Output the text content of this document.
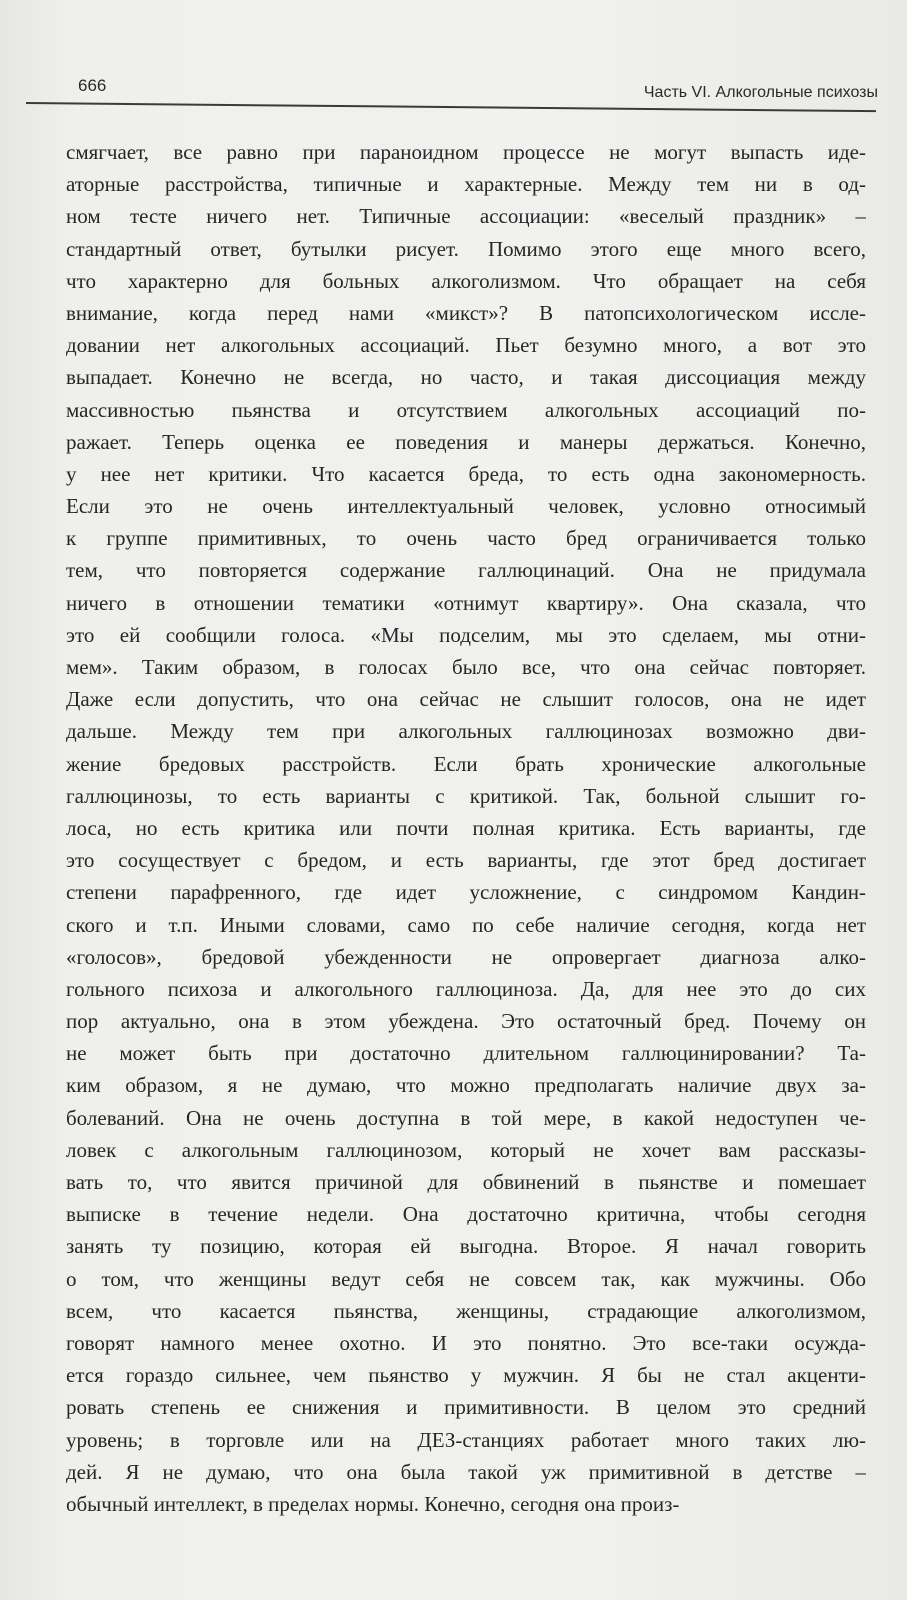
666	Часть VI. Алкогольные психозы
смягчает, все равно при параноидном процессе не могут выпасть иде-
аторные расстройства, типичные и характерные. Между тем ни в од-
ном тесте ничего нет. Типичные ассоциации: «веселый праздник» –
стандартный ответ, бутылки рисует. Помимо этого еще много всего,
что характерно для больных алкоголизмом. Что обращает на себя
внимание, когда перед нами «микст»? В патопсихологическом иссле-
довании нет алкогольных ассоциаций. Пьет безумно много, а вот это
выпадает. Конечно не всегда, но часто, и такая диссоциация между
массивностью пьянства и отсутствием алкогольных ассоциаций по-
ражает. Теперь оценка ее поведения и манеры держаться. Конечно,
у нее нет критики. Что касается бреда, то есть одна закономерность.
Если это не очень интеллектуальный человек, условно относимый
к группе примитивных, то очень часто бред ограничивается только
тем, что повторяется содержание галлюцинаций. Она не придумала
ничего в отношении тематики «отнимут квартиру». Она сказала, что
это ей сообщили голоса. «Мы подселим, мы это сделаем, мы отни-
мем». Таким образом, в голосах было все, что она сейчас повторяет.
Даже если допустить, что она сейчас не слышит голосов, она не идет
дальше. Между тем при алкогольных галлюцинозах возможно дви-
жение бредовых расстройств. Если брать хронические алкогольные
галлюцинозы, то есть варианты с критикой. Так, больной слышит го-
лоса, но есть критика или почти полная критика. Есть варианты, где
это сосуществует с бредом, и есть варианты, где этот бред достигает
степени парафренного, где идет усложнение, с синдромом Кандин-
ского и т.п. Иными словами, само по себе наличие сегодня, когда нет
«голосов», бредовой убежденности не опровергает диагноза алко-
гольного психоза и алкогольного галлюциноза. Да, для нее это до сих
пор актуально, она в этом убеждена. Это остаточный бред. Почему он
не может быть при достаточно длительном галлюцинировании? Та-
ким образом, я не думаю, что можно предполагать наличие двух за-
болеваний. Она не очень доступна в той мере, в какой недоступен че-
ловек с алкогольным галлюцинозом, который не хочет вам рассказы-
вать то, что явится причиной для обвинений в пьянстве и помешает
выписке в течение недели. Она достаточно критична, чтобы сегодня
занять ту позицию, которая ей выгодна. Второе. Я начал говорить
о том, что женщины ведут себя не совсем так, как мужчины. Обо
всем, что касается пьянства, женщины, страдающие алкоголизмом,
говорят намного менее охотно. И это понятно. Это все-таки осужда-
ется гораздо сильнее, чем пьянство у мужчин. Я бы не стал акценти-
ровать степень ее снижения и примитивности. В целом это средний
уровень; в торговле или на ДЕЗ-станциях работает много таких лю-
дей. Я не думаю, что она была такой уж примитивной в детстве –
обычный интеллект, в пределах нормы. Конечно, сегодня она произ-
